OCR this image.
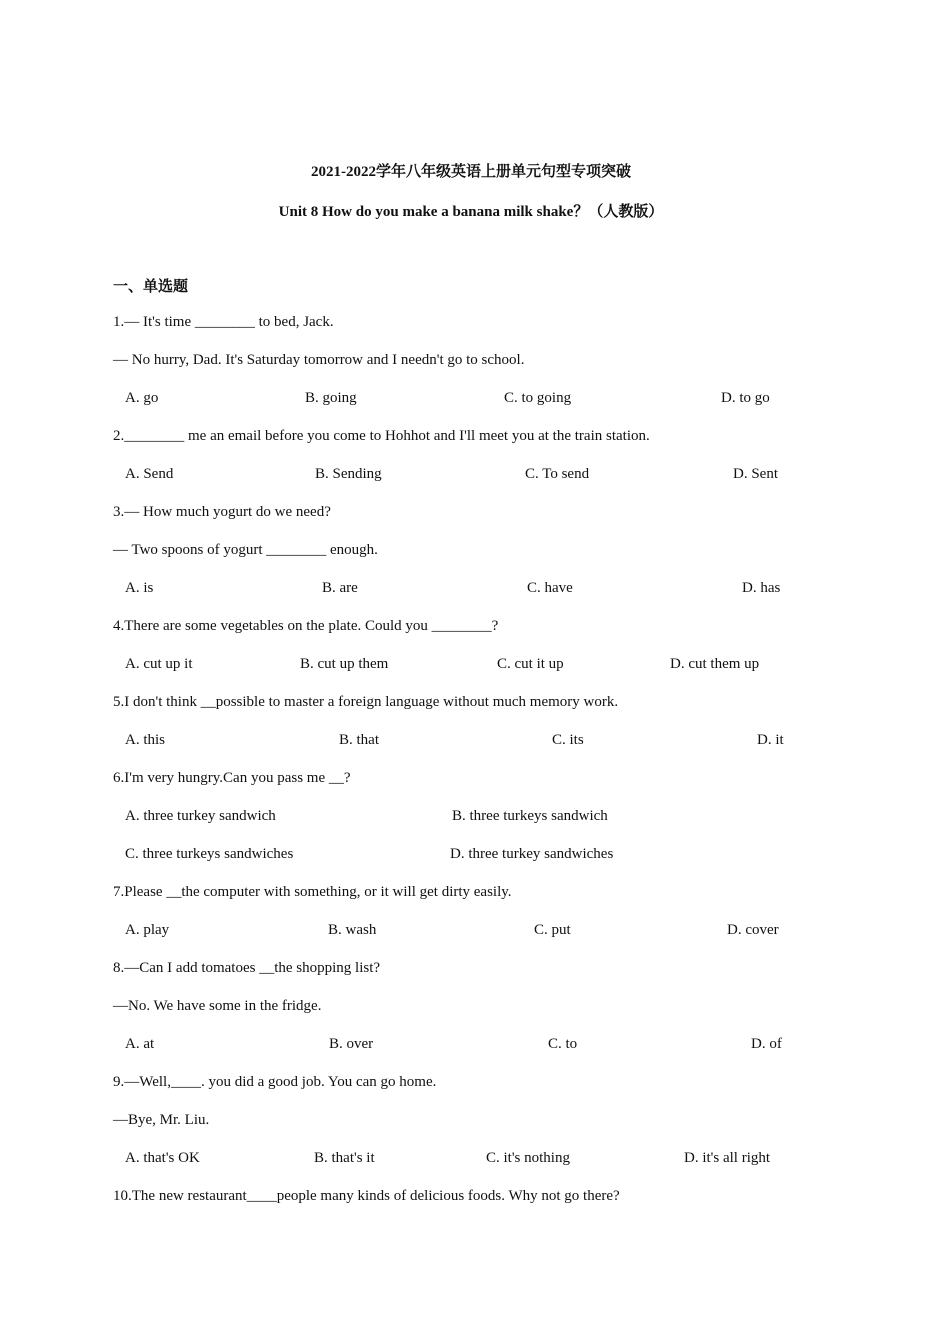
2021-2022学年八年级英语上册单元句型专项突破
Unit 8 How do you make a banana milk shake？（人教版）
一、单选题
1.— It's time ________ to bed, Jack.
— No hurry, Dad. It's Saturday tomorrow and I needn't go to school.
A. go	B. going	C. to going	D. to go
2.________ me an email before you come to Hohhot and I'll meet you at the train station.
A. Send	B. Sending	C. To send	D. Sent
3.— How much yogurt do we need?
— Two spoons of yogurt ________ enough.
A. is	B. are	C. have	D. has
4.There are some vegetables on the plate. Could you ________?
A. cut up it	B. cut up them	C. cut it up	D. cut them up
5.I don't think __possible to master a foreign language without much memory work.
A. this	B. that	C. its	D. it
6.I'm very hungry.Can you pass me __?
A. three turkey sandwich	B. three turkeys sandwich
C. three turkeys sandwiches	D. three turkey sandwiches
7.Please __the computer with something, or it will get dirty easily.
A. play	B. wash	C. put	D. cover
8.—Can I add tomatoes __the shopping list?
—No. We have some in the fridge.
A. at	B. over	C. to	D. of
9.—Well,____. you did a good job. You can go home.
—Bye, Mr. Liu.
A. that's OK	B. that's it	C. it's nothing	D. it's all right
10.The new restaurant____people many kinds of delicious foods. Why not go there?
